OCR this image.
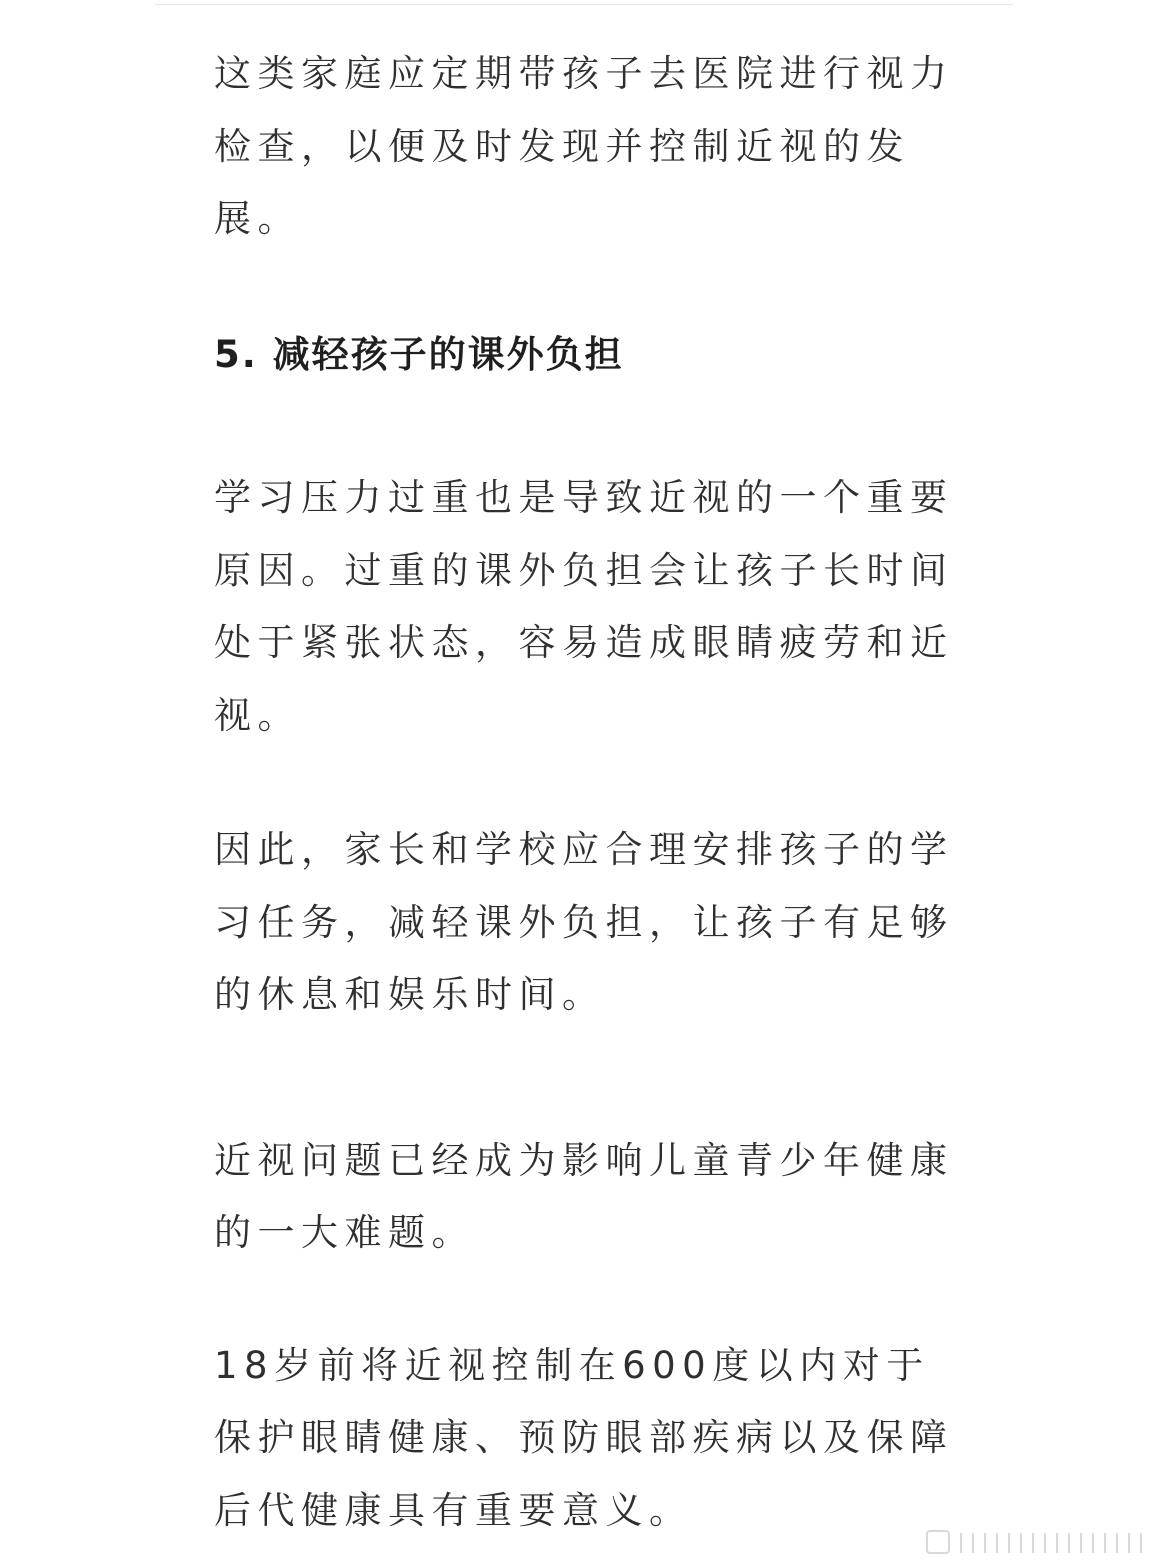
这类家庭应定期带孩子去医院进行视力检查，以便及时发现并控制近视的发展。

5. 减轻孩子的课外负担

学习压力过重也是导致近视的一个重要原因。过重的课外负担会让孩子长时间处于紧张状态，容易造成眼睛疲劳和近视。

因此，家长和学校应合理安排孩子的学习任务，减轻课外负担，让孩子有足够的休息和娱乐时间。

近视问题已经成为影响儿童青少年健康的一大难题。

18岁前将近视控制在600度以内对于保护眼睛健康、预防眼部疾病以及保障后代健康具有重要意义。
